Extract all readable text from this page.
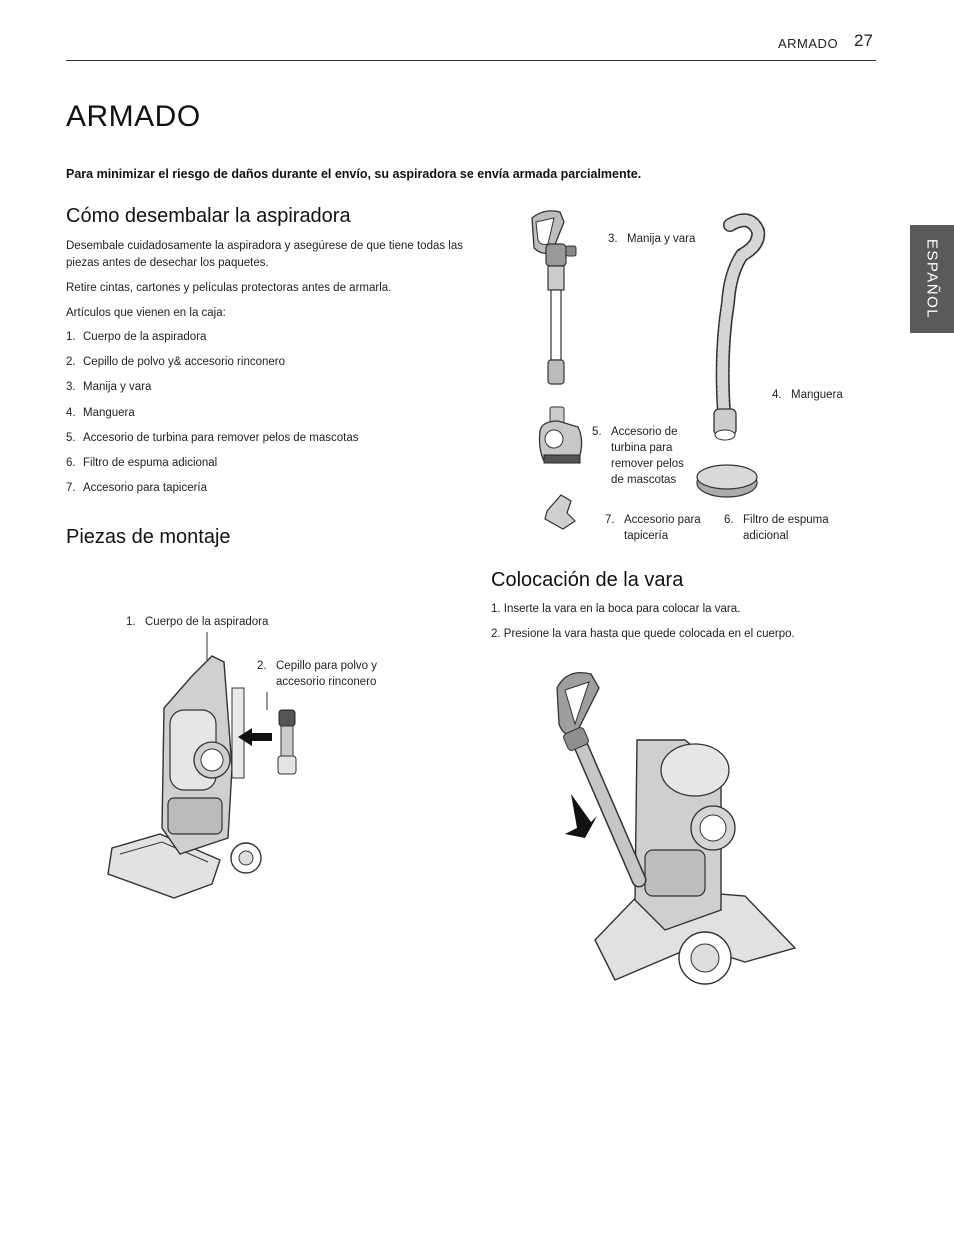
ARMADO 27
ESPAÑOL
ARMADO
Para minimizar el riesgo de daños durante el envío, su aspiradora se envía armada parcialmente.
Cómo desembalar la aspiradora

Desembale cuidadosamente la aspiradora y asegúrese de que tiene todas las piezas antes de desechar los paquetes.

Retire cintas, cartones y películas protectoras antes de armarla.

Artículos que vienen en la caja:

1. Cuerpo de la aspiradora
2. Cepillo de polvo y& accesorio rinconero
3. Manija y vara
4. Manguera
5. Accesorio de turbina para remover pelos de mascotas
6. Filtro de espuma adicional
7. Accesorio para tapicería
3. Manija y vara
4. Manguera
5. Accesorio de
turbina para
remover pelos
de mascotas
6. Filtro de espuma
adicional
7. Accesorio para
tapicería
Piezas de montaje
1. Cuerpo de la aspiradora
2. Cepillo para polvo y
accesorio rinconero
Colocación de la vara

1. Inserte la vara en la boca para colocar la vara.

2. Presione la vara hasta que quede colocada en el cuerpo.
